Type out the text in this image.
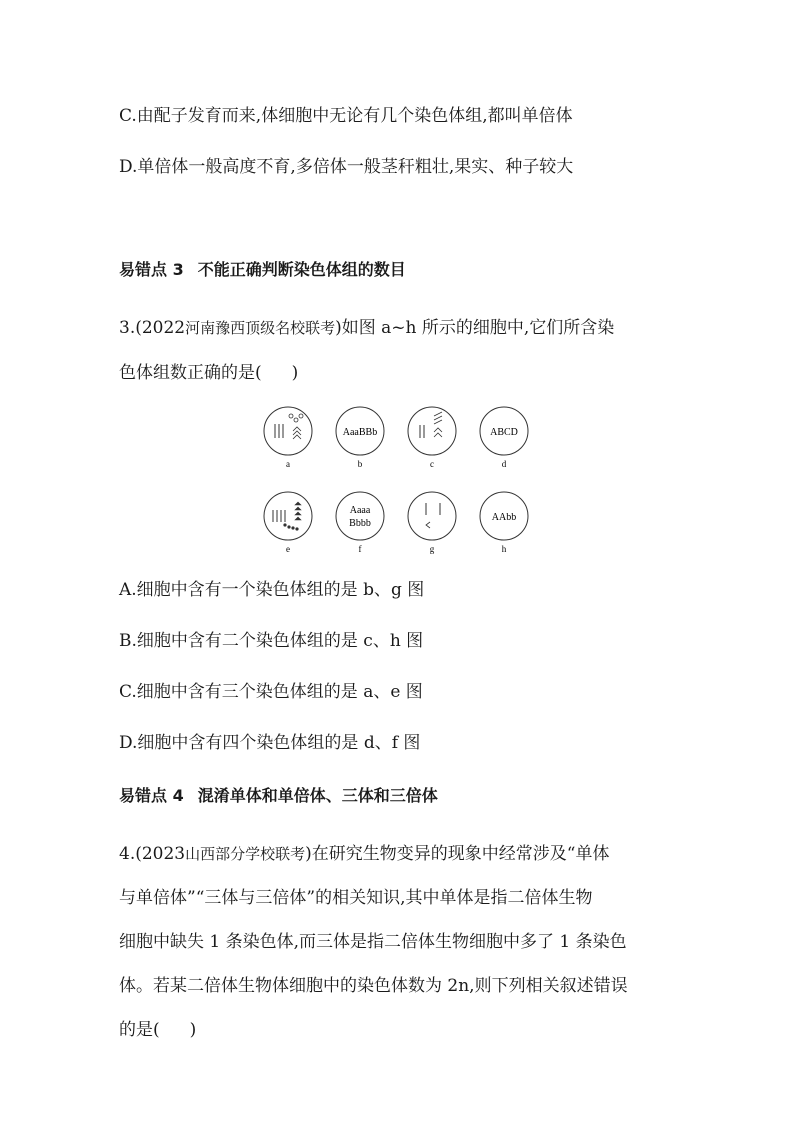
C.由配子发育而来,体细胞中无论有几个染色体组,都叫单倍体
D.单倍体一般高度不育,多倍体一般茎秆粗壮,果实、种子较大
易错点 3 不能正确判断染色体组的数目
3.(2022河南豫西顶级名校联考)如图 a~h 所示的细胞中,它们所含染
色体组数正确的是( )
a
AaaBBb
b	c
ABCD
d
e
Aaaa
Bbbb
f	g
AAbb
h
A.细胞中含有一个染色体组的是 b、g 图
B.细胞中含有二个染色体组的是 c、h 图
C.细胞中含有三个染色体组的是 a、e 图
D.细胞中含有四个染色体组的是 d、f 图
易错点 4 混淆单体和单倍体、三体和三倍体
4.(2023山西部分学校联考)在研究生物变异的现象中经常涉及“单体
与单倍体”“三体与三倍体”的相关知识,其中单体是指二倍体生物
细胞中缺失 1 条染色体,而三体是指二倍体生物细胞中多了 1 条染色
体。若某二倍体生物体细胞中的染色体数为 2n,则下列相关叙述错误
的是( )
